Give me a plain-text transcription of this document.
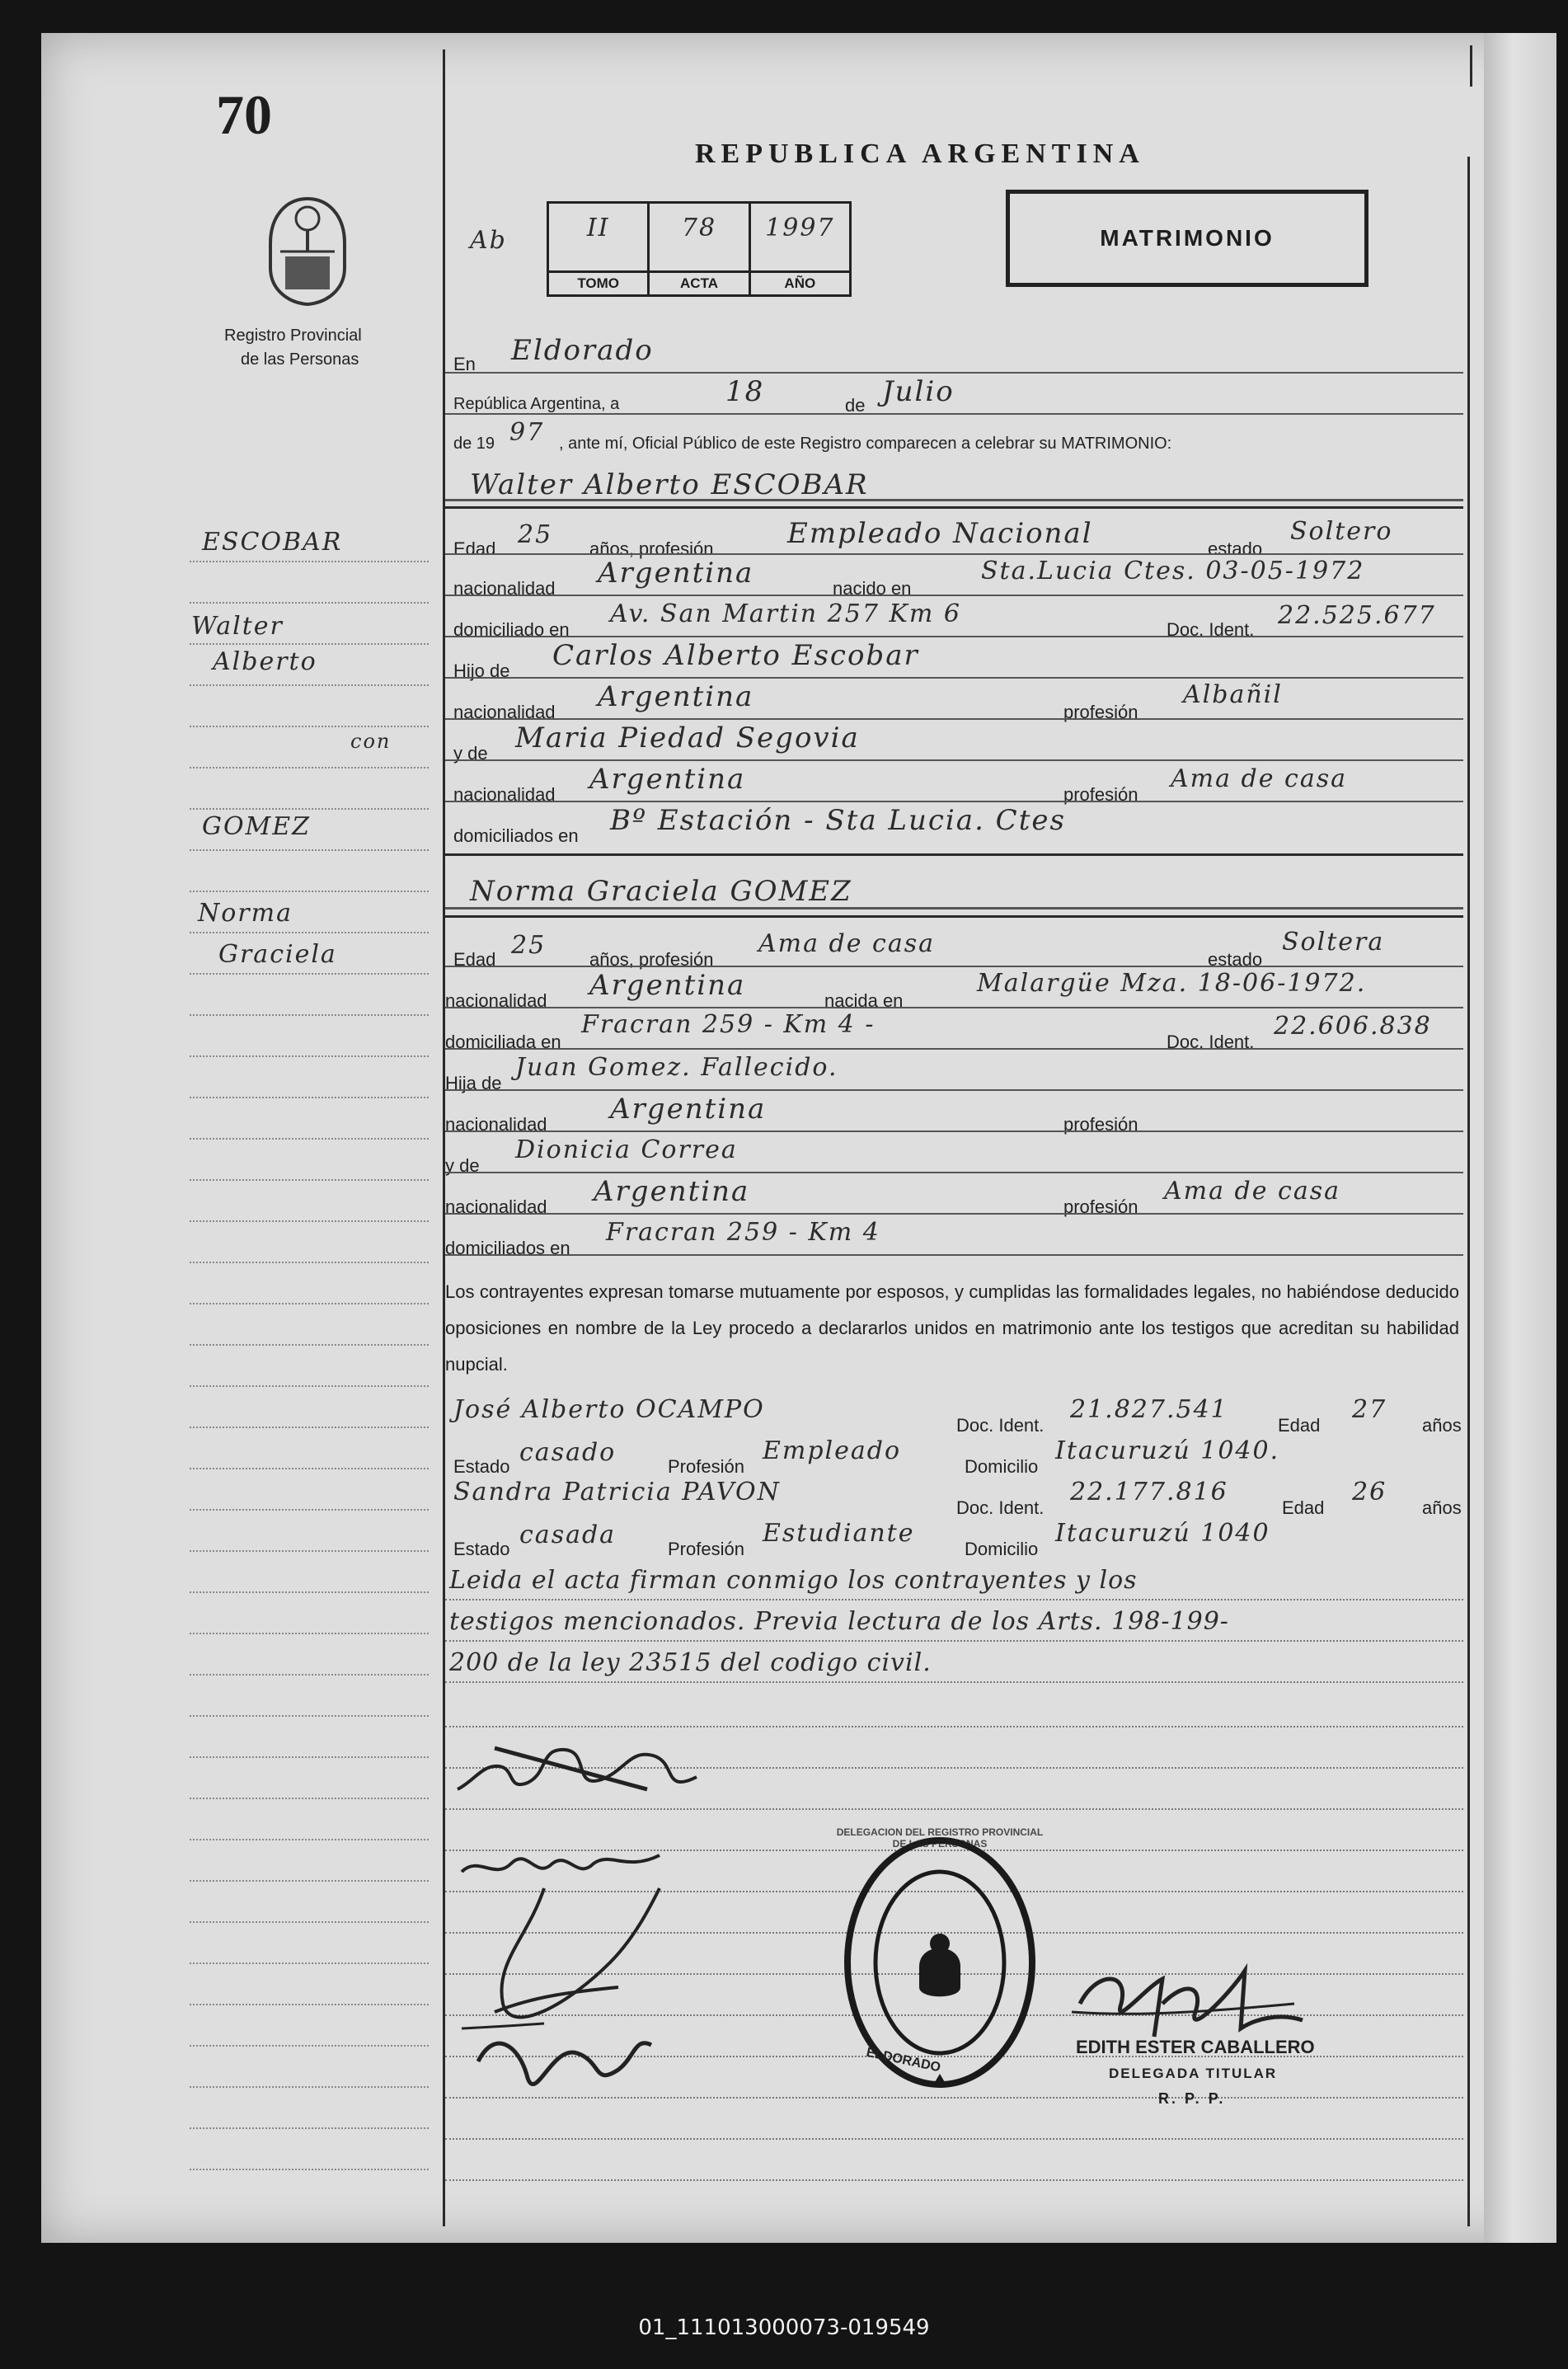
70
Registro Provincial
de las Personas
REPUBLICA ARGENTINA
Ab	II
TOMO
78
ACTA
1997
AÑO
MATRIMONIO
En Eldorado
República Argentina, a	18	de Julio
de 19 97 , ante mí, Oficial Público de este Registro comparecen a celebrar su MATRIMONIO:
Walter Alberto ESCOBAR
Edad 25 años, profesión	Empleado Nacional	estado
Soltero
nacionalidad Argentina	nacido en
Sta.Lucia Ctes. 03-05-1972
domiciliado en
Av. San Martin 257 Km 6
Doc. Ident. 22.525.677
Hijo de Carlos Alberto Escobar
nacionalidad Argentina	profesión
Albañil
y de Maria Piedad Segovia
nacionalidad Argentina	profesión
Ama de casa
domiciliados en Bº Estación - Sta Lucia. Ctes
Norma Graciela GOMEZ
Edad 25 años, profesión
Ama de casa
estado
Soltera
nacionalidad Argentina	nacida en
Malargüe Mza. 18-06-1972.
domiciliada en
Fracran 259 - Km 4 -
Doc. Ident.
22.606.838
Hija de
Juan Gomez. Fallecido.
nacionalidad Argentina	profesión
y de
Dionicia Correa
nacionalidad Argentina	profesión
Ama de casa
domiciliados en
Fracran 259 - Km 4
Los contrayentes expresan tomarse mutuamente por esposos, y cumplidas las formalidades legales, no habiéndose deducido oposiciones en nombre de la Ley procedo a declararlos unidos en matrimonio ante los testigos que acreditan su habilidad nupcial.
José Alberto OCAMPO
Doc. Ident.
21.827.541
Edad
27
años
Estado casado	Profesión
Empleado
Domicilio
Itacuruzú 1040.
Sandra Patricia PAVON
Doc. Ident.
22.177.816
Edad
26
años
Estado casada	Profesión
Estudiante
Domicilio
Itacuruzú 1040
Leida el acta firman conmigo los contrayentes y los
testigos mencionados. Previa lectura de los Arts. 198-199-
200 de la ley 23515 del codigo civil.
ELDORADO
DELEGACION DEL REGISTRO PROVINCIAL DE LAS PERSONAS
EDITH ESTER CABALLERO
DELEGADA TITULAR
R. P. P.
ESCOBAR
Walter
Alberto
con
GOMEZ
Norma
Graciela
01_111013000073-019549
